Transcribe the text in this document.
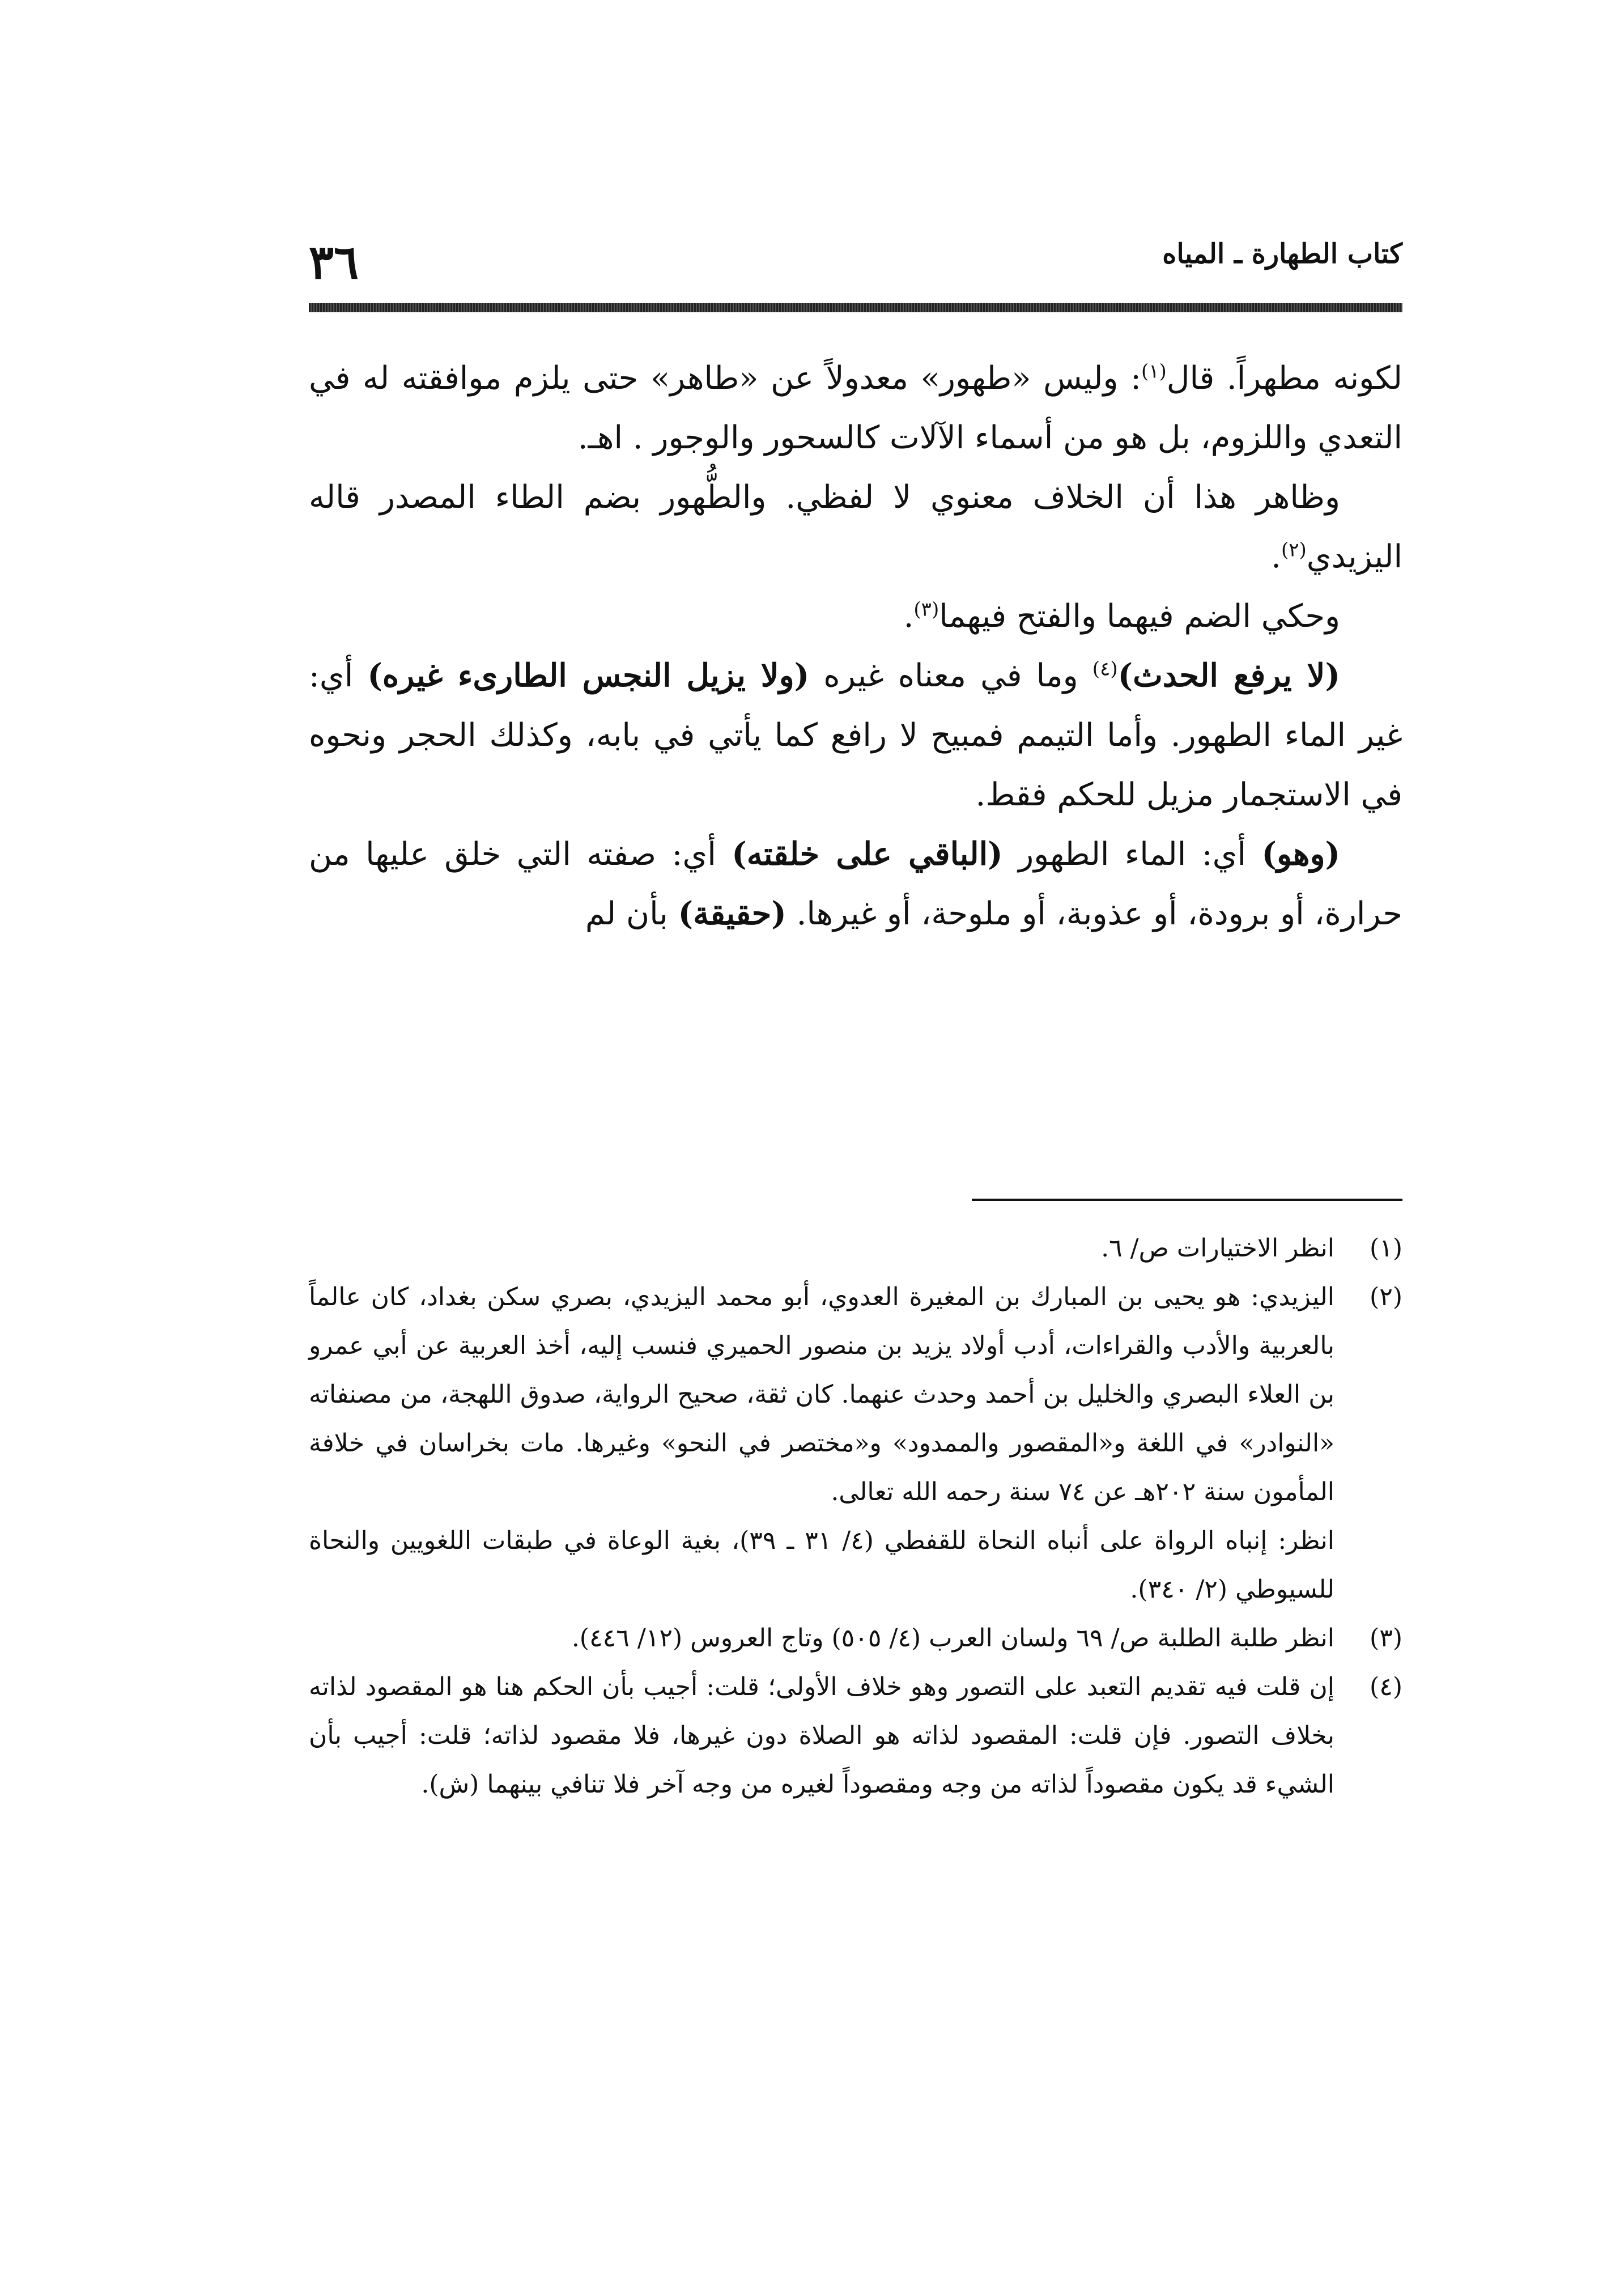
كتاب الطهارة ـ المياه
٣٦

لكونه مطهراً. قال$^{(١)}$: وليس «طهور» معدولاً عن «طاهر» حتى يلزم موافقته له في التعدي واللزوم، بل هو من أسماء الآلات كالسحور والوجور . اهـ.

وظاهر هذا أن الخلاف معنوي لا لفظي. والطُّهور بضم الطاء المصدر قاله اليزيدي$^{(٢)}$.

وحكي الضم فيهما والفتح فيهما$^{(٣)}$.

(لا يرفع الحدث)$^{(٤)}$ وما في معناه غيره (ولا يزيل النجس الطارىء غيره) أي: غير الماء الطهور. وأما التيمم فمبيح لا رافع كما يأتي في بابه، وكذلك الحجر ونحوه في الاستجمار مزيل للحكم فقط.

(وهو) أي: الماء الطهور (الباقي على خلقته) أي: صفته التي خلق عليها من حرارة، أو برودة، أو عذوبة، أو ملوحة، أو غيرها. (حقيقة) بأن لم

(١)

انظر الاختيارات ص/ ٦.

(٢)

اليزيدي: هو يحيى بن المبارك بن المغيرة العدوي، أبو محمد اليزيدي، بصري سكن بغداد، كان عالماً بالعربية والأدب والقراءات، أدب أولاد يزيد بن منصور الحميري فنسب إليه، أخذ العربية عن أبي عمرو بن العلاء البصري والخليل بن أحمد وحدث عنهما. كان ثقة، صحيح الرواية، صدوق اللهجة، من مصنفاته «النوادر» في اللغة و«المقصور والممدود» و«مختصر في النحو» وغيرها. مات بخراسان في خلافة المأمون سنة ٢٠٢هـ عن ٧٤ سنة رحمه الله تعالى.

انظر: إنباه الرواة على أنباه النحاة للقفطي (٤/ ٣١ ـ ٣٩)، بغية الوعاة في طبقات اللغويين والنحاة للسيوطي (٢/ ٣٤٠).

(٣)

انظر طلبة الطلبة ص/ ٦٩ ولسان العرب (٤/ ٥٠٥) وتاج العروس (١٢/ ٤٤٦).

(٤)

إن قلت فيه تقديم التعبد على التصور وهو خلاف الأولى؛ قلت: أجيب بأن الحكم هنا هو المقصود لذاته بخلاف التصور. فإن قلت: المقصود لذاته هو الصلاة دون غيرها، فلا مقصود لذاته؛ قلت: أجيب بأن الشيء قد يكون مقصوداً لذاته من وجه ومقصوداً لغيره من وجه آخر فلا تنافي بينهما (ش).
